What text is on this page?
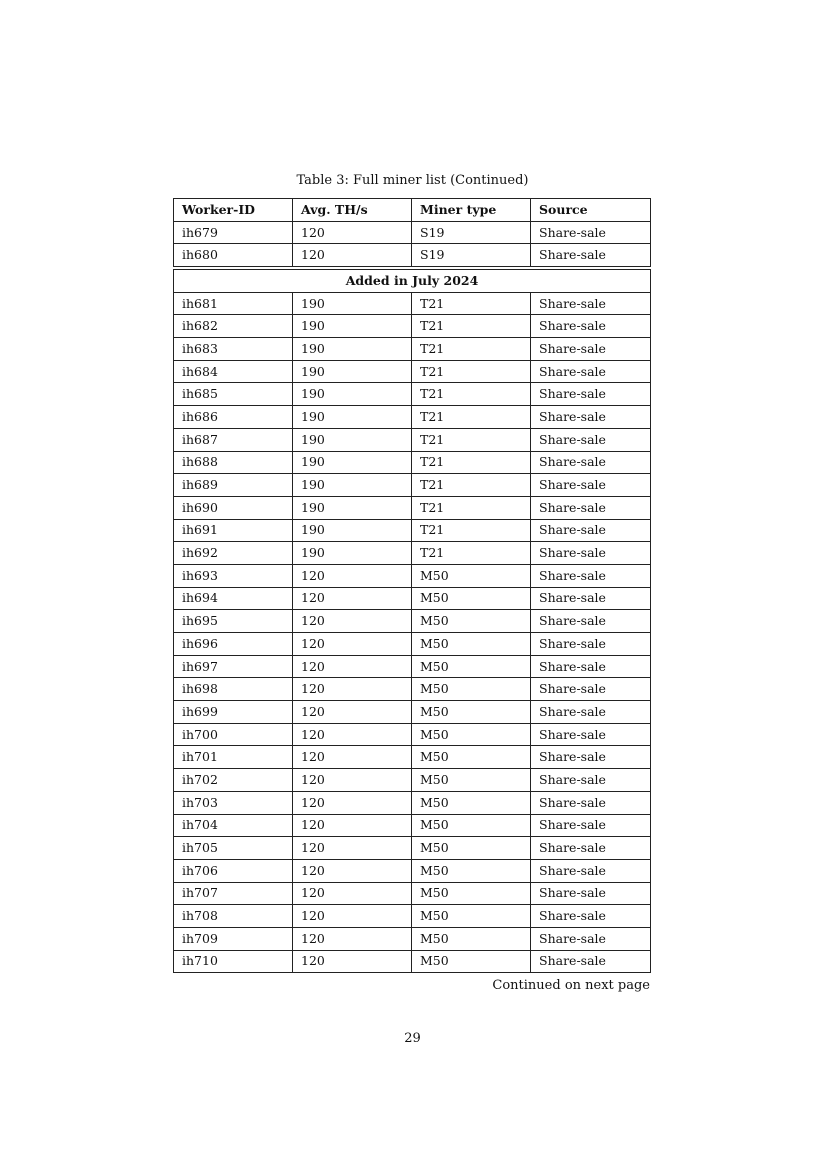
Table 3: Full miner list (Continued)
Worker-ID	Avg. TH/s	Miner type	Source
ih679	120	S19	Share-sale
ih680	120	S19	Share-sale
Added in July 2024			
ih681	190	T21	Share-sale
ih682	190	T21	Share-sale
ih683	190	T21	Share-sale
ih684	190	T21	Share-sale
ih685	190	T21	Share-sale
ih686	190	T21	Share-sale
ih687	190	T21	Share-sale
ih688	190	T21	Share-sale
ih689	190	T21	Share-sale
ih690	190	T21	Share-sale
ih691	190	T21	Share-sale
ih692	190	T21	Share-sale
ih693	120	M50	Share-sale
ih694	120	M50	Share-sale
ih695	120	M50	Share-sale
ih696	120	M50	Share-sale
ih697	120	M50	Share-sale
ih698	120	M50	Share-sale
ih699	120	M50	Share-sale
ih700	120	M50	Share-sale
ih701	120	M50	Share-sale
ih702	120	M50	Share-sale
ih703	120	M50	Share-sale
ih704	120	M50	Share-sale
ih705	120	M50	Share-sale
ih706	120	M50	Share-sale
ih707	120	M50	Share-sale
ih708	120	M50	Share-sale
ih709	120	M50	Share-sale
ih710	120	M50	Share-sale
Continued on next page
29
